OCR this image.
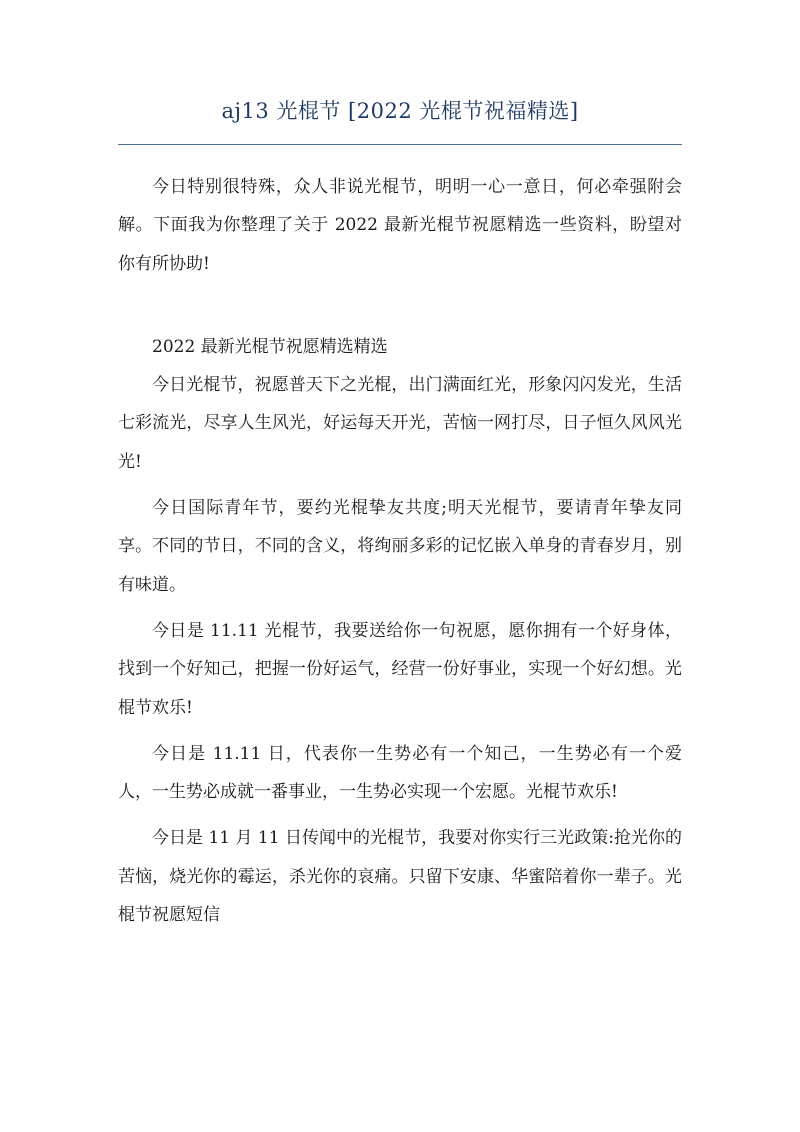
aj13 光棍节 [2022 光棍节祝福精选]

今日特别很特殊，众人非说光棍节，明明一心一意日，何必牵强附会解。下面我为你整理了关于 2022 最新光棍节祝愿精选一些资料，盼望对你有所协助!

2022 最新光棍节祝愿精选精选

今日光棍节，祝愿普天下之光棍，出门满面红光，形象闪闪发光，生活七彩流光，尽享人生风光，好运每天开光，苦恼一网打尽，日子恒久风风光光!

今日国际青年节，要约光棍挚友共度;明天光棍节，要请青年挚友同享。不同的节日，不同的含义，将绚丽多彩的记忆嵌入单身的青春岁月，别有味道。

今日是 11.11 光棍节，我要送给你一句祝愿，愿你拥有一个好身体，找到一个好知己，把握一份好运气，经营一份好事业，实现一个好幻想。光棍节欢乐!

今日是 11.11 日，代表你一生势必有一个知己，一生势必有一个爱人，一生势必成就一番事业，一生势必实现一个宏愿。光棍节欢乐!

今日是 11 月 11 日传闻中的光棍节，我要对你实行三光政策:抢光你的苦恼，烧光你的霉运，杀光你的哀痛。只留下安康、华蜜陪着你一辈子。光棍节祝愿短信
